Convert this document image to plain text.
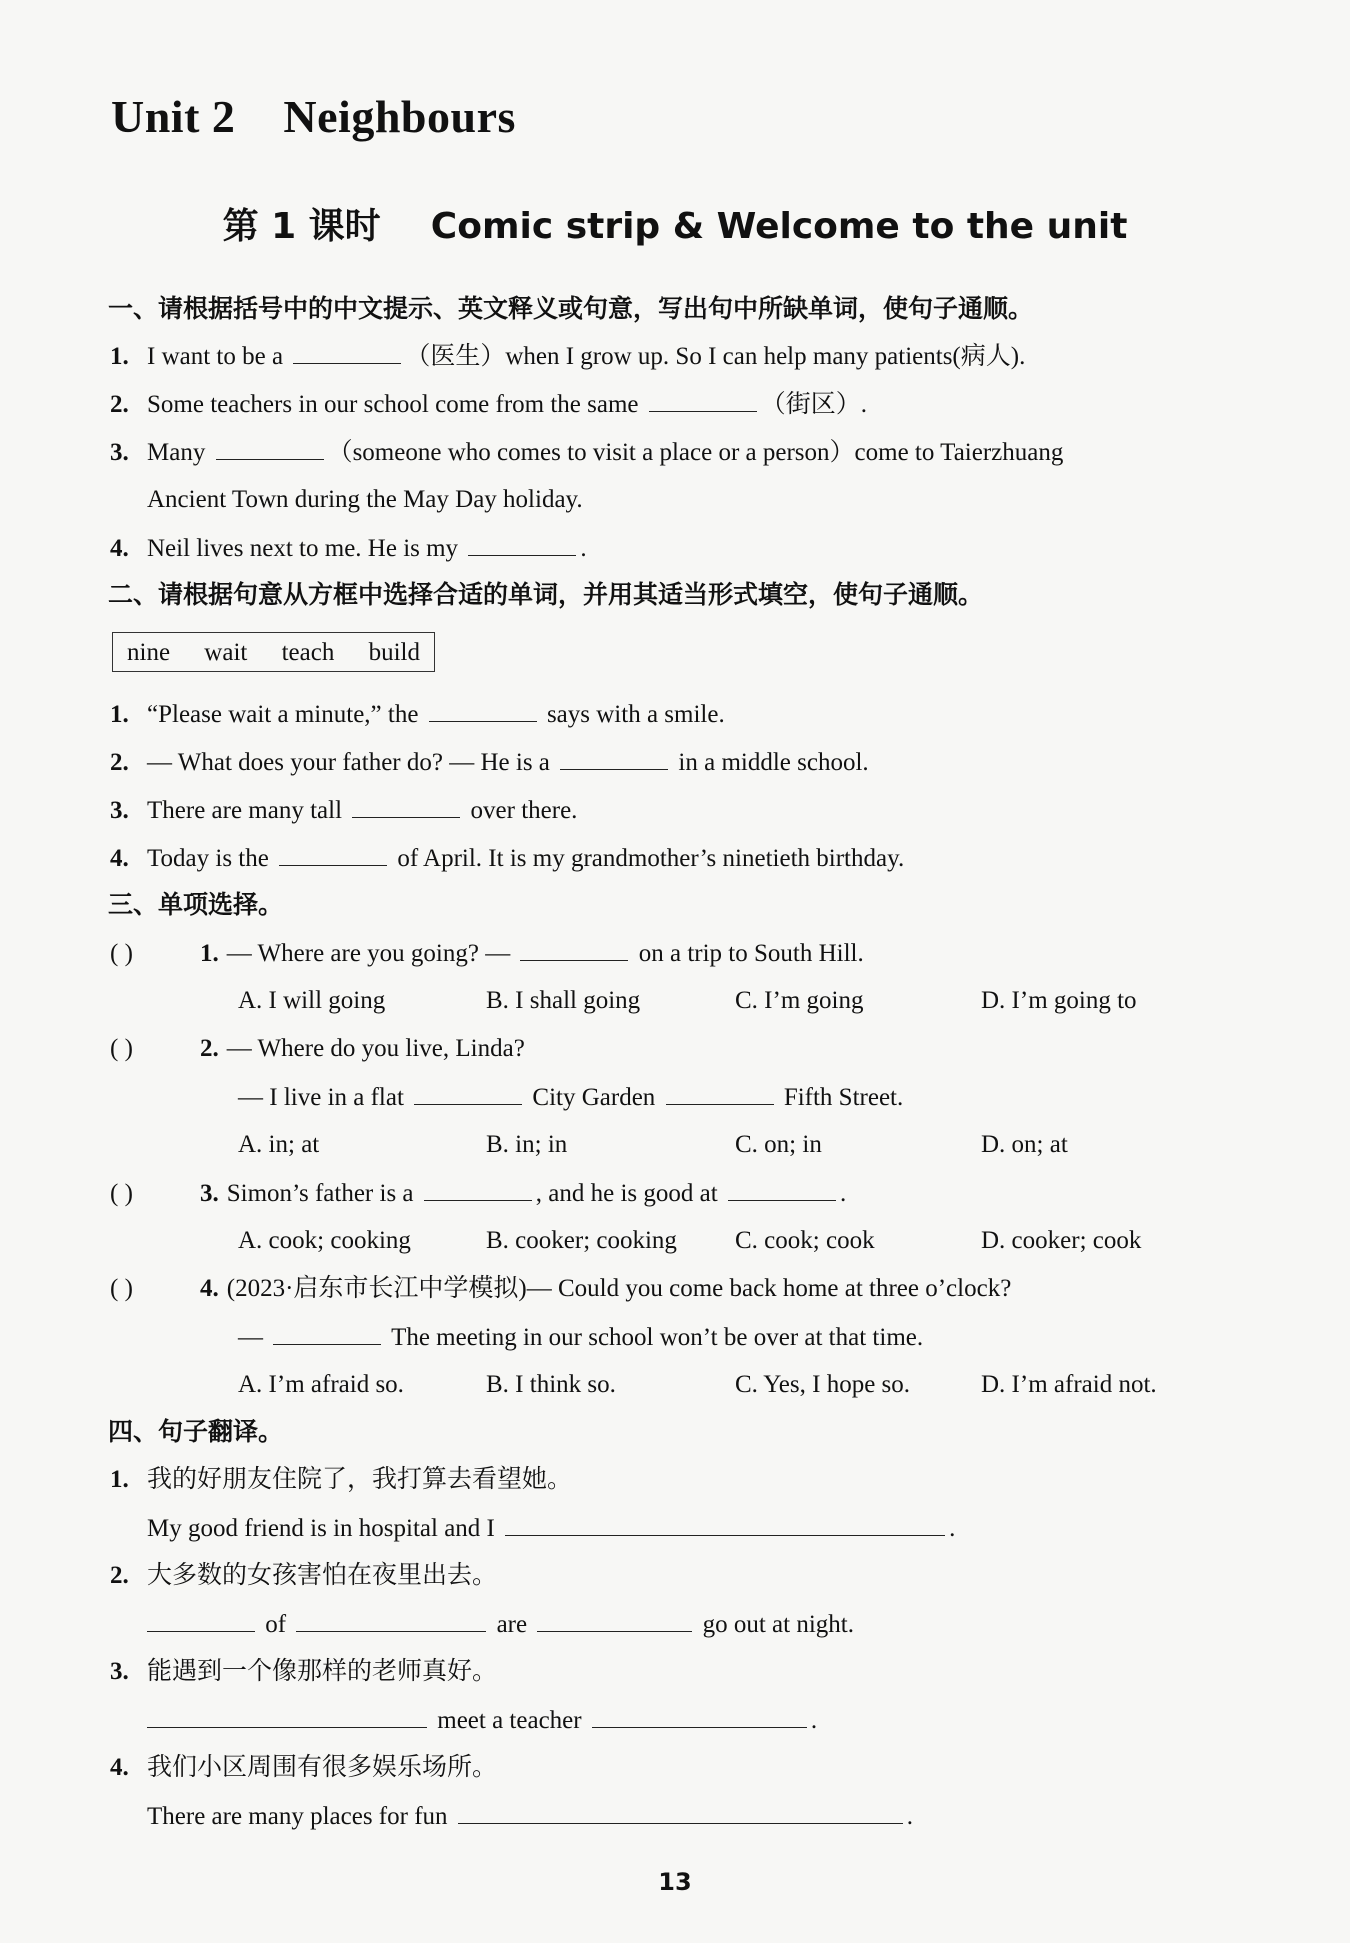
Unit 2    Neighbours
第 1 课时    Comic strip & Welcome to the unit
一、请根据括号中的中文提示、英文释义或句意，写出句中所缺单词，使句子通顺。
1. I want to be a	（医生）when I grow up. So I can help many patients(病人).
2. Some teachers in our school come from the same	（街区）.
3. Many	（someone who comes to visit a place or a person）come to Taierzhuang
Ancient Town during the May Day holiday.
4. Neil lives next to me. He is my	.
二、请根据句意从方框中选择合适的单词，并用其适当形式填空，使句子通顺。
nine wait teach build
1. “Please wait a minute,” the	says with a smile.
2. — What does your father do? — He is a	in a middle school.
3. There are many tall	over there.
4. Today is the	of April. It is my grandmother’s ninetieth birthday.
三、单项选择。
( )	1. — Where are you going? —	on a trip to South Hill.
A. I will going	B. I shall going	C. I’m going	D. I’m going to
( )	2. — Where do you live, Linda?
— I live in a flat	City Garden	Fifth Street.
A. in; at	B. in; in	C. on; in	D. on; at
( )	3. Simon’s father is a	, and he is good at	.
A. cook; cooking	B. cooker; cooking C. cook; cook	D. cooker; cook
( )	4. (2023·启东市长江中学模拟)— Could you come back home at three o’clock?
—	The meeting in our school won’t be over at that time.
A. I’m afraid so.	B. I think so.	C. Yes, I hope so.	D. I’m afraid not.
四、句子翻译。
1. 我的好朋友住院了，我打算去看望她。
My good friend is in hospital and I	.
2. 大多数的女孩害怕在夜里出去。
of	are	go out at night.
3. 能遇到一个像那样的老师真好。
meet a teacher	.
4. 我们小区周围有很多娱乐场所。
There are many places for fun	.
13
